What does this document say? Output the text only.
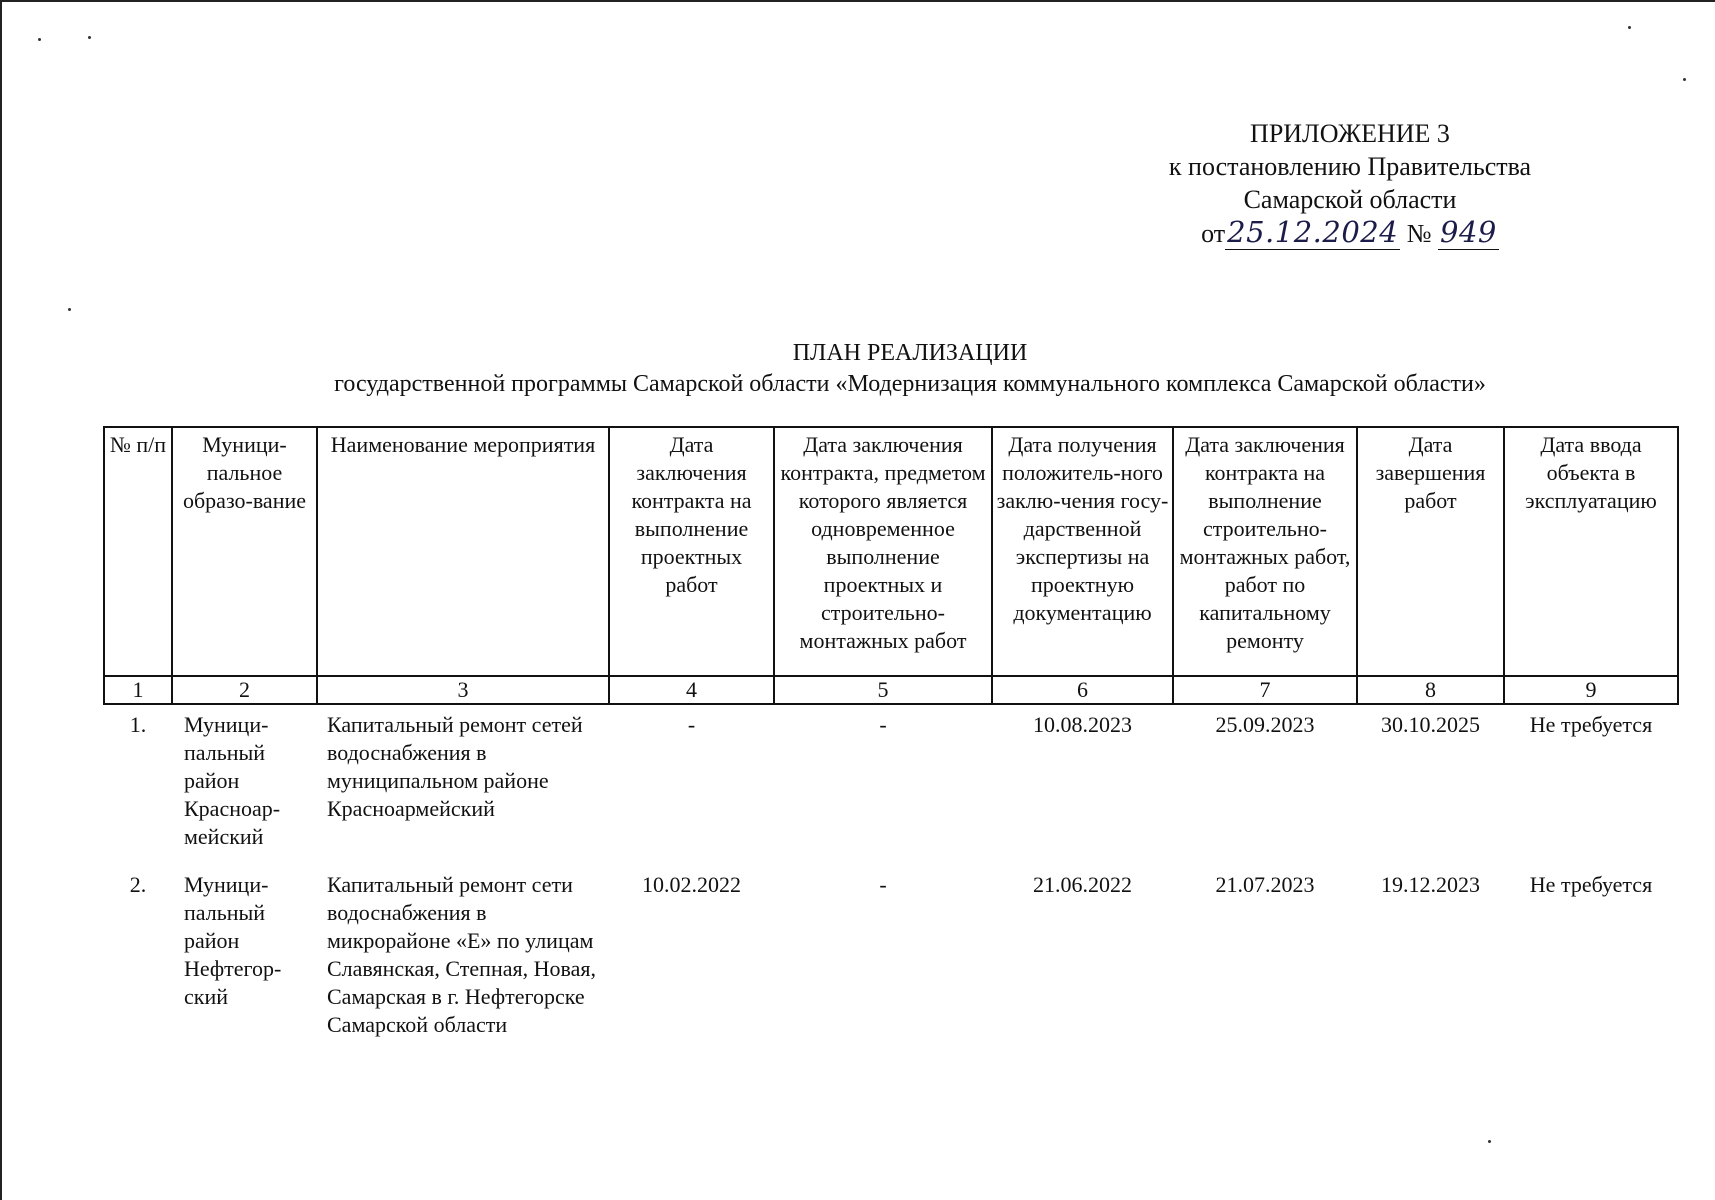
ПРИЛОЖЕНИЕ 3
к постановлению Правительства
Самарской области
от25.12.2024 № 949
ПЛАН РЕАЛИЗАЦИИ
государственной программы Самарской области «Модернизация коммунального комплекса Самарской области»
№ п/п	Муници-пальное образо-вание	Наименование мероприятия	Дата заключения контракта на выполнение проектных работ	Дата заключения контракта, предметом которого является одновременное выполнение проектных и строительно-монтажных работ	Дата получения положитель-ного заклю-чения госу-дарственной экспертизы на проектную документацию	Дата заключения контракта на выполнение строительно-монтажных работ, работ по капитальному ремонту	Дата завершения работ	Дата ввода объекта в эксплуатацию
1	2	3	4	5	6	7	8	9
1.	Муници-пальный район Красноар-мейский	Капитальный ремонт сетей водоснабжения в муниципальном районе Красноармейский	-	-	10.08.2023	25.09.2023	30.10.2025	Не требуется
2.	Муници-пальный район Нефтегор-ский	Капитальный ремонт сети водоснабжения в микрорайоне «Е» по улицам Славянская, Степная, Новая, Самарская в г. Нефтегорске Самарской области	10.02.2022	-	21.06.2022	21.07.2023	19.12.2023	Не требуется
